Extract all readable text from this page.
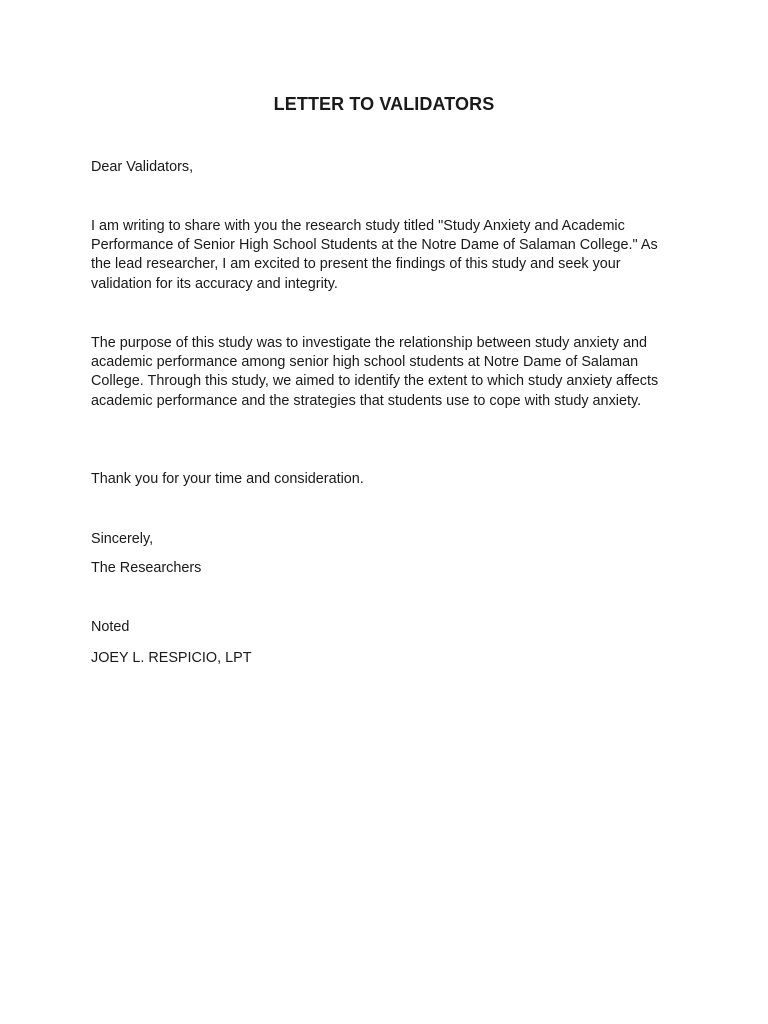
LETTER TO VALIDATORS

Dear Validators,

I am writing to share with you the research study titled "Study Anxiety and Academic Performance of Senior High School Students at the Notre Dame of Salaman College." As the lead researcher, I am excited to present the findings of this study and seek your validation for its accuracy and integrity.

The purpose of this study was to investigate the relationship between study anxiety and academic performance among senior high school students at Notre Dame of Salaman College. Through this study, we aimed to identify the extent to which study anxiety affects academic performance and the strategies that students use to cope with study anxiety.

Thank you for your time and consideration.

Sincerely,

The Researchers

Noted

JOEY L. RESPICIO, LPT
